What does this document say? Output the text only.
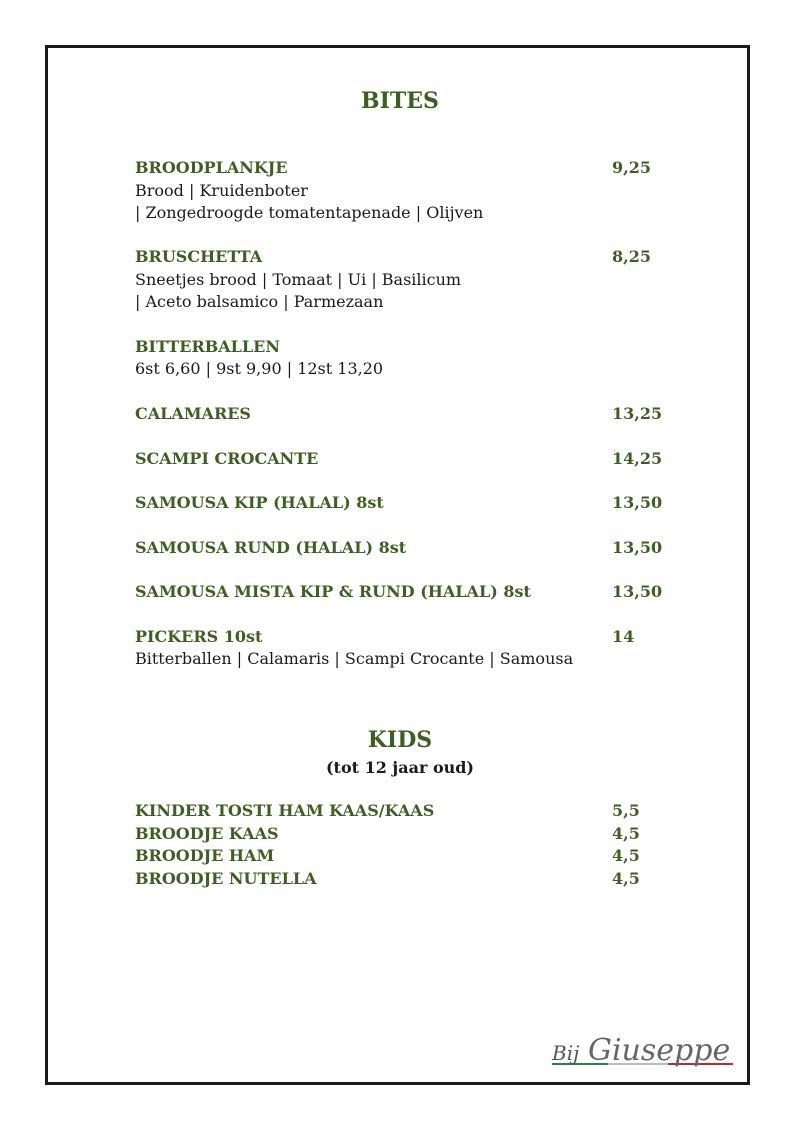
BITES
BROODPLANKJE	9,25
Brood | Kruidenboter
| Zongedroogde tomatentapenade | Olijven
BRUSCHETTA	8,25
Sneetjes brood | Tomaat | Ui | Basilicum
| Aceto balsamico | Parmezaan
BITTERBALLEN
6st 6,60 | 9st 9,90 | 12st 13,20
CALAMARES	13,25
SCAMPI CROCANTE	14,25
SAMOUSA KIP (HALAL) 8st	13,50
SAMOUSA RUND (HALAL) 8st	13,50
SAMOUSA MISTA KIP & RUND (HALAL) 8st	13,50
PICKERS 10st	14
Bitterballen | Calamaris | Scampi Crocante | Samousa
KIDS
(tot 12 jaar oud)
KINDER TOSTI HAM KAAS/KAAS	5,5
BROODJE KAAS	4,5
BROODJE HAM	4,5
BROODJE NUTELLA	4,5
Bij Giuseppe
